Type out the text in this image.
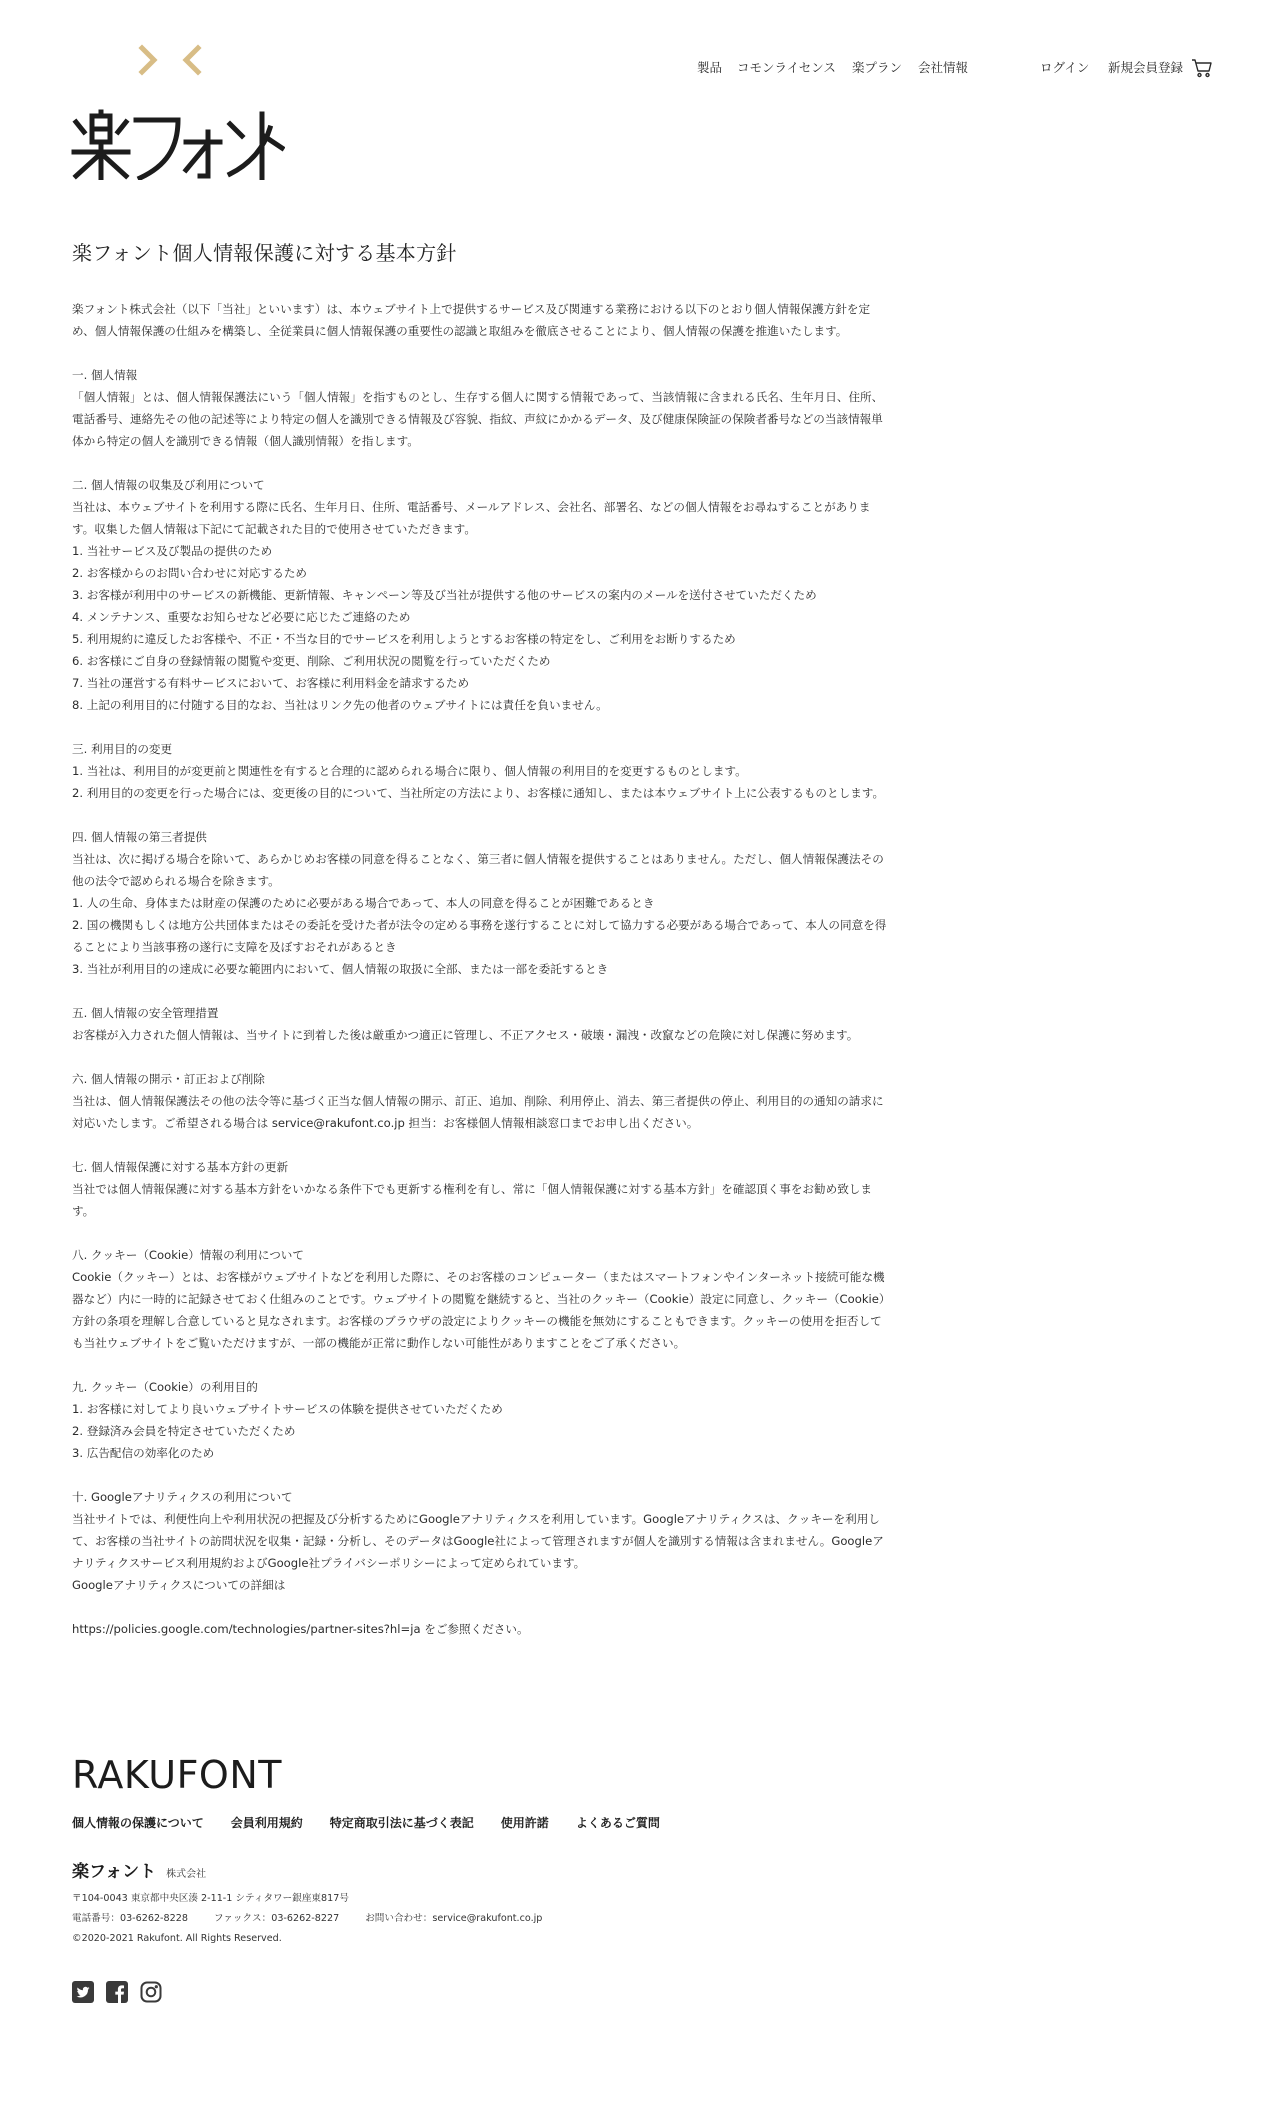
製品 コモンライセンス 楽プラン 会社情報	ログイン 新規会員登録
楽フォント個人情報保護に対する基本方針

楽フォント株式会社（以下「当社」といいます）は、本ウェブサイト上で提供するサービス及び関連する業務における以下のとおり個人情報保護方針を定

め、個人情報保護の仕組みを構築し、全従業員に個人情報保護の重要性の認識と取組みを徹底させることにより、個人情報の保護を推進いたします。

一. 個人情報

「個人情報」とは、個人情報保護法にいう「個人情報」を指すものとし、生存する個人に関する情報であって、当該情報に含まれる氏名、生年月日、住所、

電話番号、連絡先その他の記述等により特定の個人を識別できる情報及び容貌、指紋、声紋にかかるデータ、及び健康保険証の保険者番号などの当該情報単

体から特定の個人を識別できる情報（個人識別情報）を指します。

二. 個人情報の収集及び利用について

当社は、本ウェブサイトを利用する際に氏名、生年月日、住所、電話番号、メールアドレス、会社名、部署名、などの個人情報をお尋ねすることがありま

す。収集した個人情報は下記にて記載された目的で使用させていただきます。

1. 当社サービス及び製品の提供のため

2. お客様からのお問い合わせに対応するため

3. お客様が利用中のサービスの新機能、更新情報、キャンペーン等及び当社が提供する他のサービスの案内のメールを送付させていただくため

4. メンテナンス、重要なお知らせなど必要に応じたご連絡のため

5. 利用規約に違反したお客様や、不正・不当な目的でサービスを利用しようとするお客様の特定をし、ご利用をお断りするため

6. お客様にご自身の登録情報の閲覧や変更、削除、ご利用状況の閲覧を行っていただくため

7. 当社の運営する有料サービスにおいて、お客様に利用料金を請求するため

8. 上記の利用目的に付随する目的なお、当社はリンク先の他者のウェブサイトには責任を負いません。

三. 利用目的の変更

1. 当社は、利用目的が変更前と関連性を有すると合理的に認められる場合に限り、個人情報の利用目的を変更するものとします。

2. 利用目的の変更を行った場合には、変更後の目的について、当社所定の方法により、お客様に通知し、または本ウェブサイト上に公表するものとします。

四. 個人情報の第三者提供

当社は、次に掲げる場合を除いて、あらかじめお客様の同意を得ることなく、第三者に個人情報を提供することはありません。ただし、個人情報保護法その

他の法令で認められる場合を除きます。

1. 人の生命、身体または財産の保護のために必要がある場合であって、本人の同意を得ることが困難であるとき

2. 国の機関もしくは地方公共団体またはその委託を受けた者が法令の定める事務を遂行することに対して協力する必要がある場合であって、本人の同意を得

ることにより当該事務の遂行に支障を及ぼすおそれがあるとき

3. 当社が利用目的の達成に必要な範囲内において、個人情報の取扱に全部、または一部を委託するとき

五. 個人情報の安全管理措置

お客様が入力された個人情報は、当サイトに到着した後は厳重かつ適正に管理し、不正アクセス・破壊・漏洩・改竄などの危険に対し保護に努めます。

六. 個人情報の開示・訂正および削除

当社は、個人情報保護法その他の法令等に基づく正当な個人情報の開示、訂正、追加、削除、利用停止、消去、第三者提供の停止、利用目的の通知の請求に

対応いたします。ご希望される場合は service@rakufont.co.jp 担当：お客様個人情報相談窓口までお申し出ください。

七. 個人情報保護に対する基本方針の更新

当社では個人情報保護に対する基本方針をいかなる条件下でも更新する権利を有し、常に「個人情報保護に対する基本方針」を確認頂く事をお勧め致しま

す。

八. クッキー（Cookie）情報の利用について

Cookie（クッキー）とは、お客様がウェブサイトなどを利用した際に、そのお客様のコンピューター（またはスマートフォンやインターネット接続可能な機

器など）内に一時的に記録させておく仕組みのことです。ウェブサイトの閲覧を継続すると、当社のクッキー（Cookie）設定に同意し、クッキー（Cookie）

方針の条項を理解し合意していると見なされます。お客様のブラウザの設定によりクッキーの機能を無効にすることもできます。クッキーの使用を拒否して

も当社ウェブサイトをご覧いただけますが、一部の機能が正常に動作しない可能性がありますことをご了承ください。

九. クッキー（Cookie）の利用目的

1. お客様に対してより良いウェブサイトサービスの体験を提供させていただくため

2. 登録済み会員を特定させていただくため

3. 広告配信の効率化のため

十. Googleアナリティクスの利用について

当社サイトでは、利便性向上や利用状況の把握及び分析するためにGoogleアナリティクスを利用しています。Googleアナリティクスは、クッキーを利用し

て、お客様の当社サイトの訪問状況を収集・記録・分析し、そのデータはGoogle社によって管理されますが個人を識別する情報は含まれません。Googleア

ナリティクスサービス利用規約およびGoogle社プライバシーポリシーによって定められています。

Googleアナリティクスについての詳細は

https://policies.google.com/technologies/partner-sites?hl=ja をご参照ください。

RAKUFONT
個人情報の保護について 会員利用規約 特定商取引法に基づく表記 使用許諾 よくあるご質問
楽フォント 株式会社

〒104-0043 東京都中央区湊 2-11-1 シティタワー銀座東817号

電話番号：03-6262-8228	ファックス：03-6262-8227	お問い合わせ：service@rakufont.co.jp

©2020-2021 Rakufont. All Rights Reserved.
